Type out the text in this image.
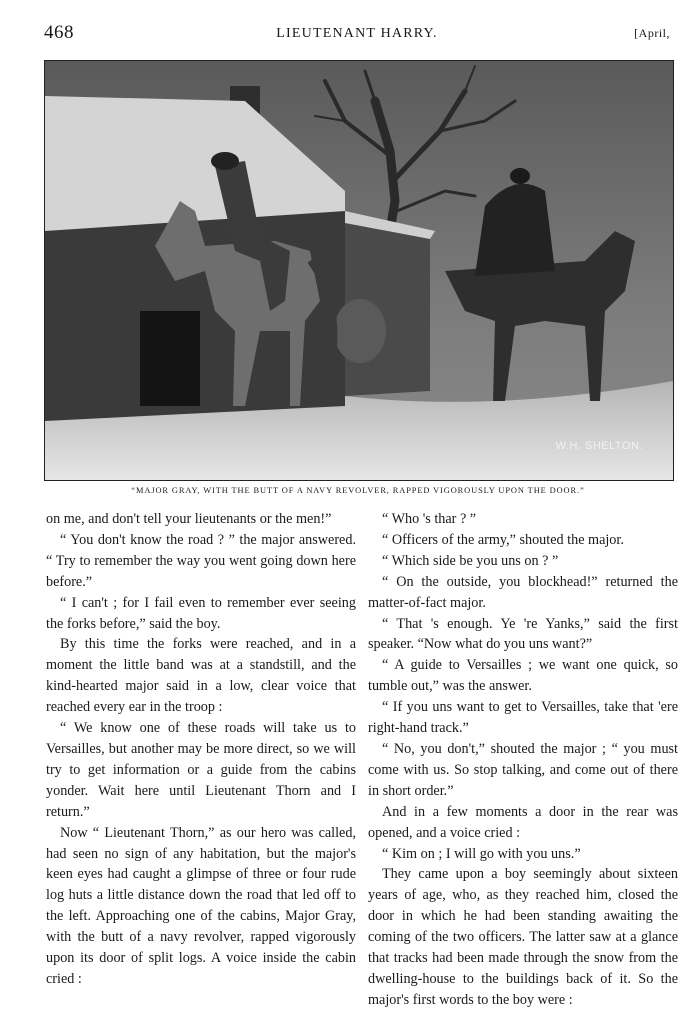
468	LIEUTENANT HARRY.	[April,
W.H. SHELTON.
“MAJOR GRAY, WITH THE BUTT OF A NAVY REVOLVER, RAPPED VIGOROUSLY UPON THE DOOR.”

on me, and don't tell your lieutenants or the men!”

“ You don't know the road ? ” the major answered. “ Try to remember the way you went going down here before.”

“ I can't ; for I fail even to remember ever seeing the forks before,” said the boy.

By this time the forks were reached, and in a moment the little band was at a standstill, and the kind-hearted major said in a low, clear voice that reached every ear in the troop :

“ We know one of these roads will take us to Versailles, but another may be more direct, so we will try to get information or a guide from the cabins yonder. Wait here until Lieutenant Thorn and I return.”

Now “ Lieutenant Thorn,” as our hero was called, had seen no sign of any habitation, but the major's keen eyes had caught a glimpse of three or four rude log huts a little distance down the road that led off to the left. Approaching one of the cabins, Major Gray, with the butt of a navy revolver, rapped vigorously upon its door of split logs. A voice inside the cabin cried :

“ Who 's thar ? ”

“ Officers of the army,” shouted the major.

“ Which side be you uns on ? ”

“ On the outside, you blockhead!” returned the matter-of-fact major.

“ That 's enough. Ye 're Yanks,” said the first speaker. “Now what do you uns want?”

“ A guide to Versailles ; we want one quick, so tumble out,” was the answer.

“ If you uns want to get to Versailles, take that 'ere right-hand track.”

“ No, you don't,” shouted the major ; “ you must come with us. So stop talking, and come out of there in short order.”

And in a few moments a door in the rear was opened, and a voice cried :

“ Kim on ; I will go with you uns.”

They came upon a boy seemingly about sixteen years of age, who, as they reached him, closed the door in which he had been standing awaiting the coming of the two officers. The latter saw at a glance that tracks had been made through the snow from the dwelling-house to the buildings back of it. So the major's first words to the boy were :
